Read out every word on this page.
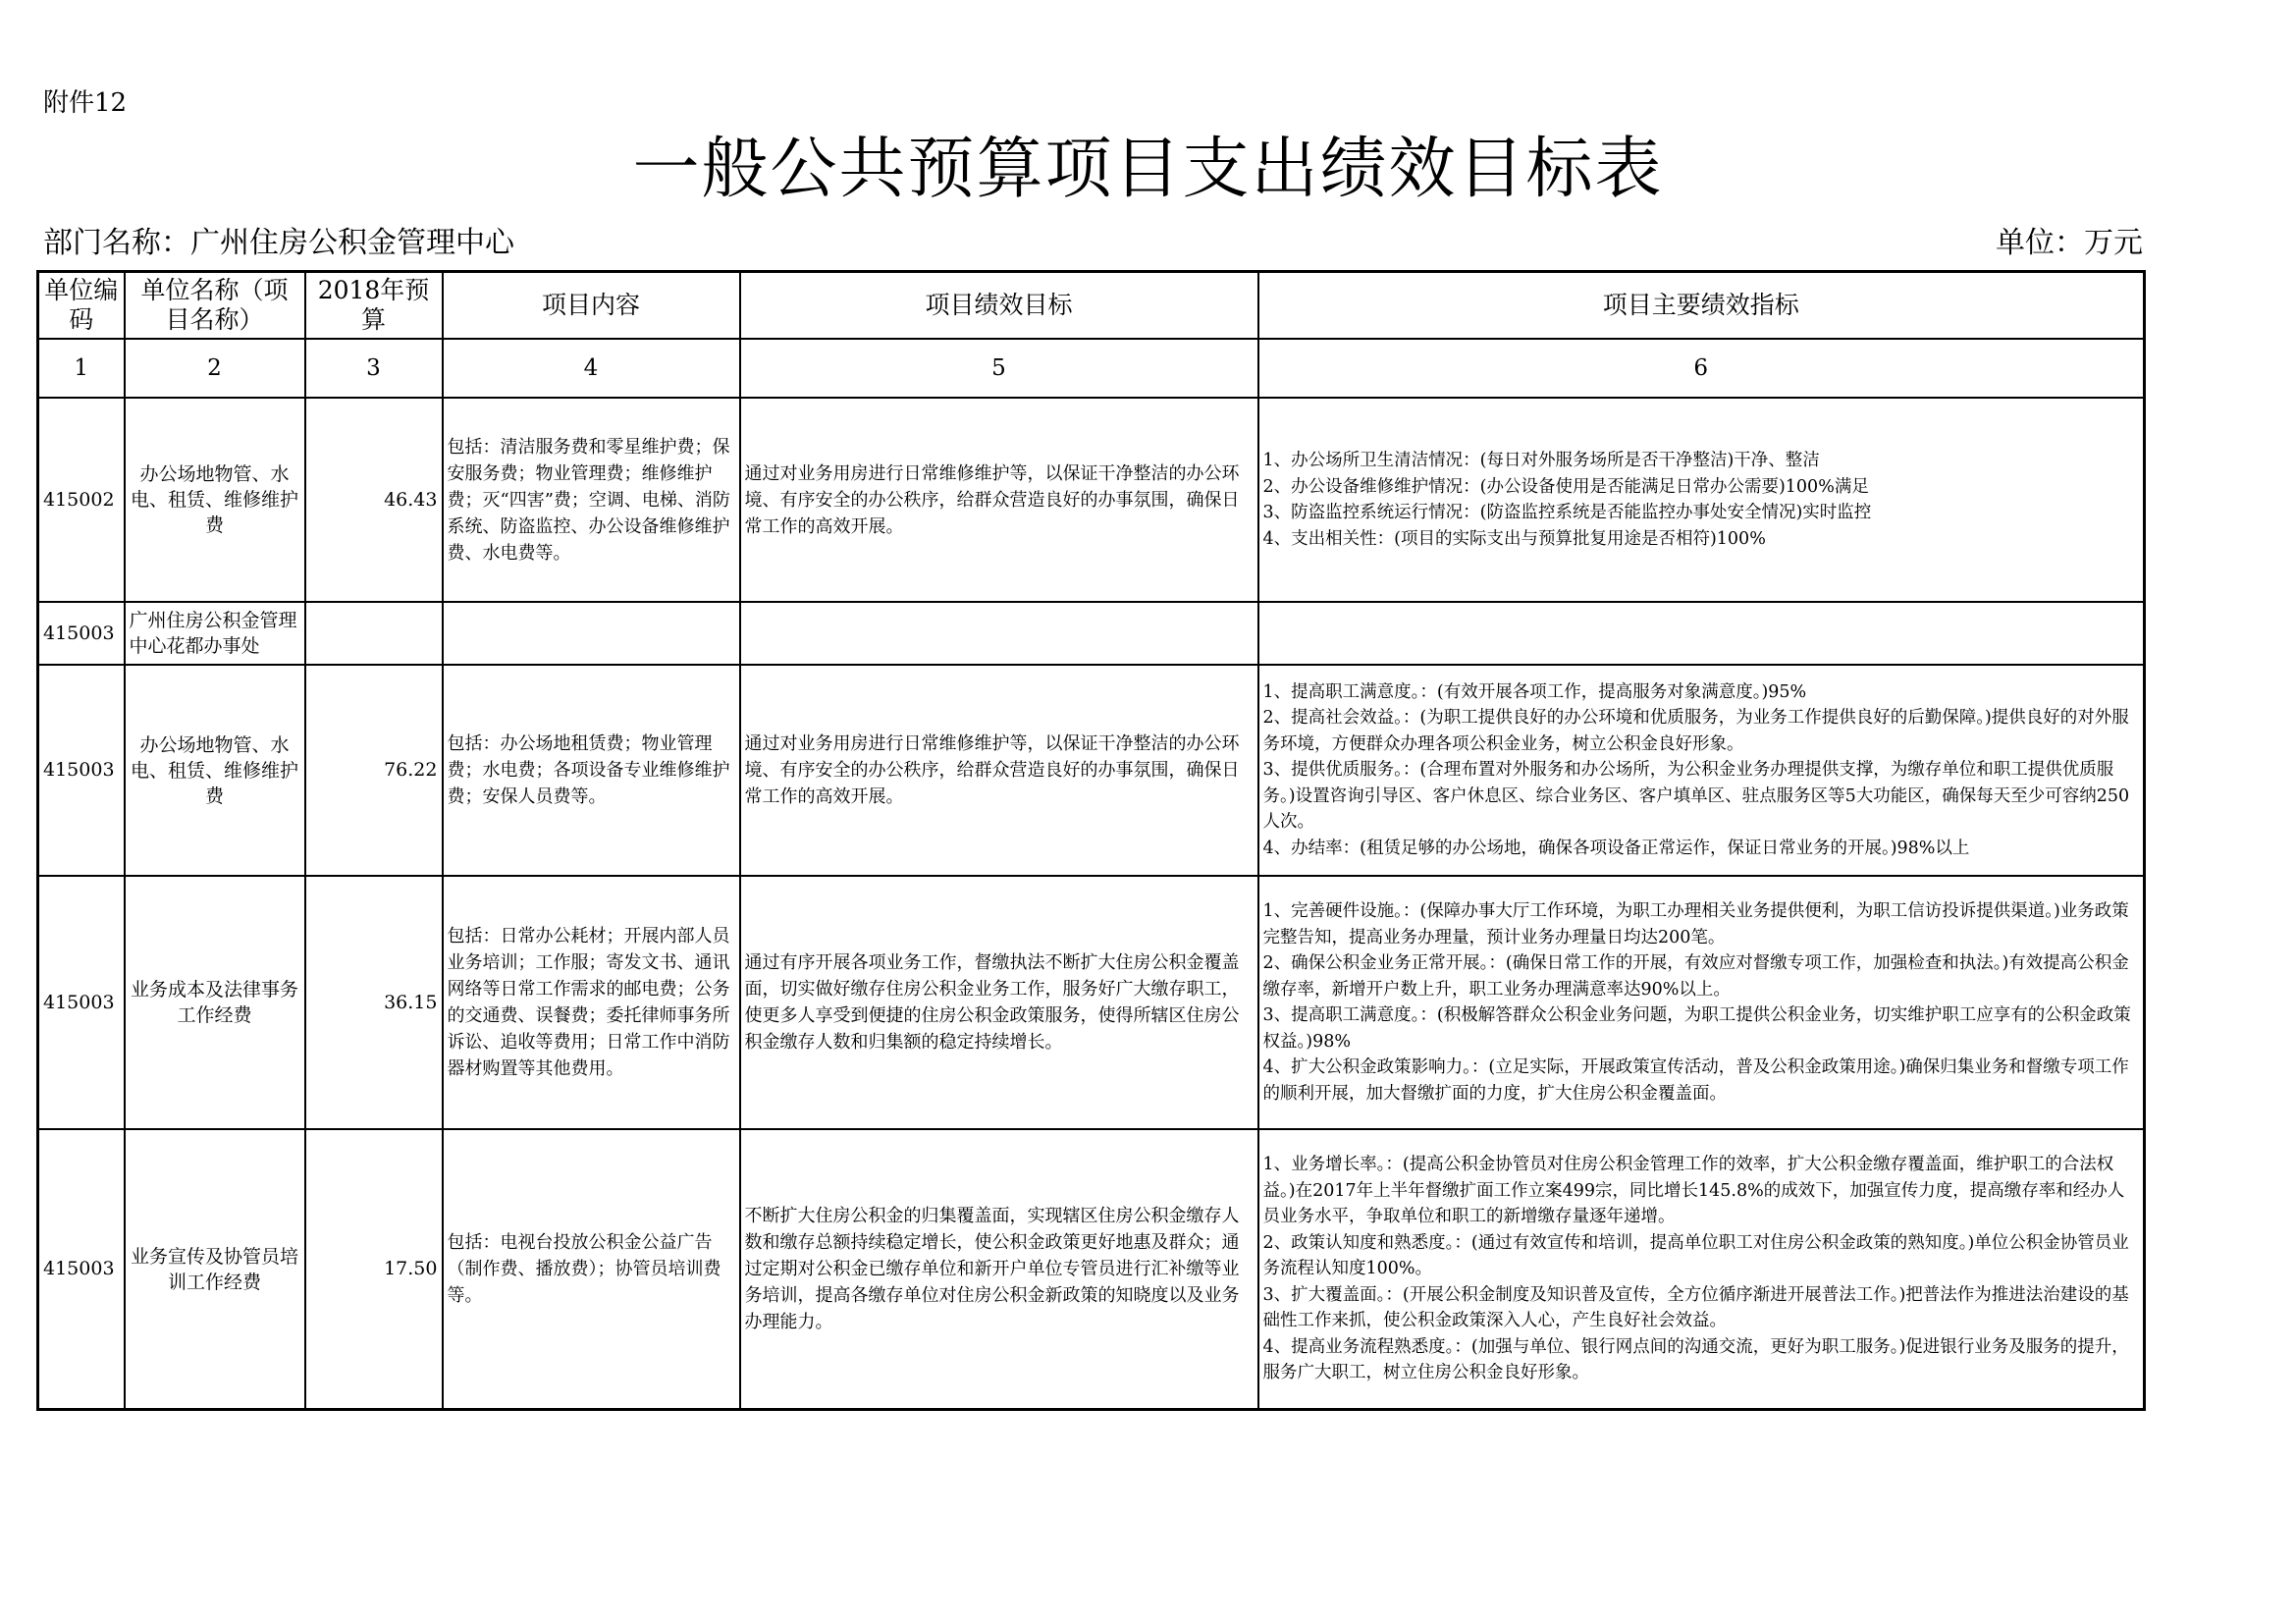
附件12
一般公共预算项目支出绩效目标表
部门名称：广州住房公积金管理中心	单位：万元
单位编码	单位名称（项目名称）	2018年预算	项目内容	项目绩效目标	项目主要绩效指标
1	2	3	4	5	6
415002	办公场地物管、水电、租赁、维修维护费	46.43	包括：清洁服务费和零星维护费；保安服务费；物业管理费；维修维护费；灭“四害”费；空调、电梯、消防系统、防盗监控、办公设备维修维护费、水电费等。	通过对业务用房进行日常维修维护等，以保证干净整洁的办公环境、有序安全的办公秩序，给群众营造良好的办事氛围，确保日常工作的高效开展。	1、办公场所卫生清洁情况：(每日对外服务场所是否干净整洁)干净、整洁
2、办公设备维修维护情况：(办公设备使用是否能满足日常办公需要)100%满足
3、防盗监控系统运行情况：(防盗监控系统是否能监控办事处安全情况)实时监控
4、支出相关性：(项目的实际支出与预算批复用途是否相符)100%

415003	广州住房公积金管理中心花都办事处				
415003	办公场地物管、水电、租赁、维修维护费	76.22	包括：办公场地租赁费；物业管理费；水电费；各项设备专业维修维护费；安保人员费等。	通过对业务用房进行日常维修维护等，以保证干净整洁的办公环境、有序安全的办公秩序，给群众营造良好的办事氛围，确保日常工作的高效开展。	1、提高职工满意度。：(有效开展各项工作，提高服务对象满意度。)95%
2、提高社会效益。：(为职工提供良好的办公环境和优质服务，为业务工作提供良好的后勤保障。)提供良好的对外服务环境，方便群众办理各项公积金业务，树立公积金良好形象。
3、提供优质服务。：(合理布置对外服务和办公场所，为公积金业务办理提供支撑，为缴存单位和职工提供优质服务。)设置咨询引导区、客户休息区、综合业务区、客户填单区、驻点服务区等5大功能区，确保每天至少可容纳250人次。
4、办结率：(租赁足够的办公场地，确保各项设备正常运作，保证日常业务的开展。)98%以上

415003	业务成本及法律事务工作经费	36.15	包括：日常办公耗材；开展内部人员业务培训；工作服；寄发文书、通讯网络等日常工作需求的邮电费；公务的交通费、误餐费；委托律师事务所诉讼、追收等费用；日常工作中消防器材购置等其他费用。	通过有序开展各项业务工作，督缴执法不断扩大住房公积金覆盖面，切实做好缴存住房公积金业务工作，服务好广大缴存职工，使更多人享受到便捷的住房公积金政策服务，使得所辖区住房公积金缴存人数和归集额的稳定持续增长。	1、完善硬件设施。：(保障办事大厅工作环境，为职工办理相关业务提供便利，为职工信访投诉提供渠道。)业务政策完整告知，提高业务办理量，预计业务办理量日均达200笔。
2、确保公积金业务正常开展。：(确保日常工作的开展，有效应对督缴专项工作，加强检查和执法。)有效提高公积金缴存率，新增开户数上升，职工业务办理满意率达90%以上。
3、提高职工满意度。：(积极解答群众公积金业务问题，为职工提供公积金业务，切实维护职工应享有的公积金政策权益。)98%
4、扩大公积金政策影响力。：(立足实际，开展政策宣传活动，普及公积金政策用途。)确保归集业务和督缴专项工作的顺利开展，加大督缴扩面的力度，扩大住房公积金覆盖面。

415003	业务宣传及协管员培训工作经费	17.50	包括：电视台投放公积金公益广告（制作费、播放费）；协管员培训费等。	不断扩大住房公积金的归集覆盖面，实现辖区住房公积金缴存人数和缴存总额持续稳定增长，使公积金政策更好地惠及群众；通过定期对公积金已缴存单位和新开户单位专管员进行汇补缴等业务培训，提高各缴存单位对住房公积金新政策的知晓度以及业务办理能力。	1、业务增长率。：(提高公积金协管员对住房公积金管理工作的效率，扩大公积金缴存覆盖面，维护职工的合法权益。)在2017年上半年督缴扩面工作立案499宗，同比增长145.8%的成效下，加强宣传力度，提高缴存率和经办人员业务水平，争取单位和职工的新增缴存量逐年递增。
2、政策认知度和熟悉度。：(通过有效宣传和培训，提高单位职工对住房公积金政策的熟知度。)单位公积金协管员业务流程认知度100%。
3、扩大覆盖面。：(开展公积金制度及知识普及宣传，全方位循序渐进开展普法工作。)把普法作为推进法治建设的基础性工作来抓，使公积金政策深入人心，产生良好社会效益。
4、提高业务流程熟悉度。：(加强与单位、银行网点间的沟通交流，更好为职工服务。)促进银行业务及服务的提升，服务广大职工，树立住房公积金良好形象。
